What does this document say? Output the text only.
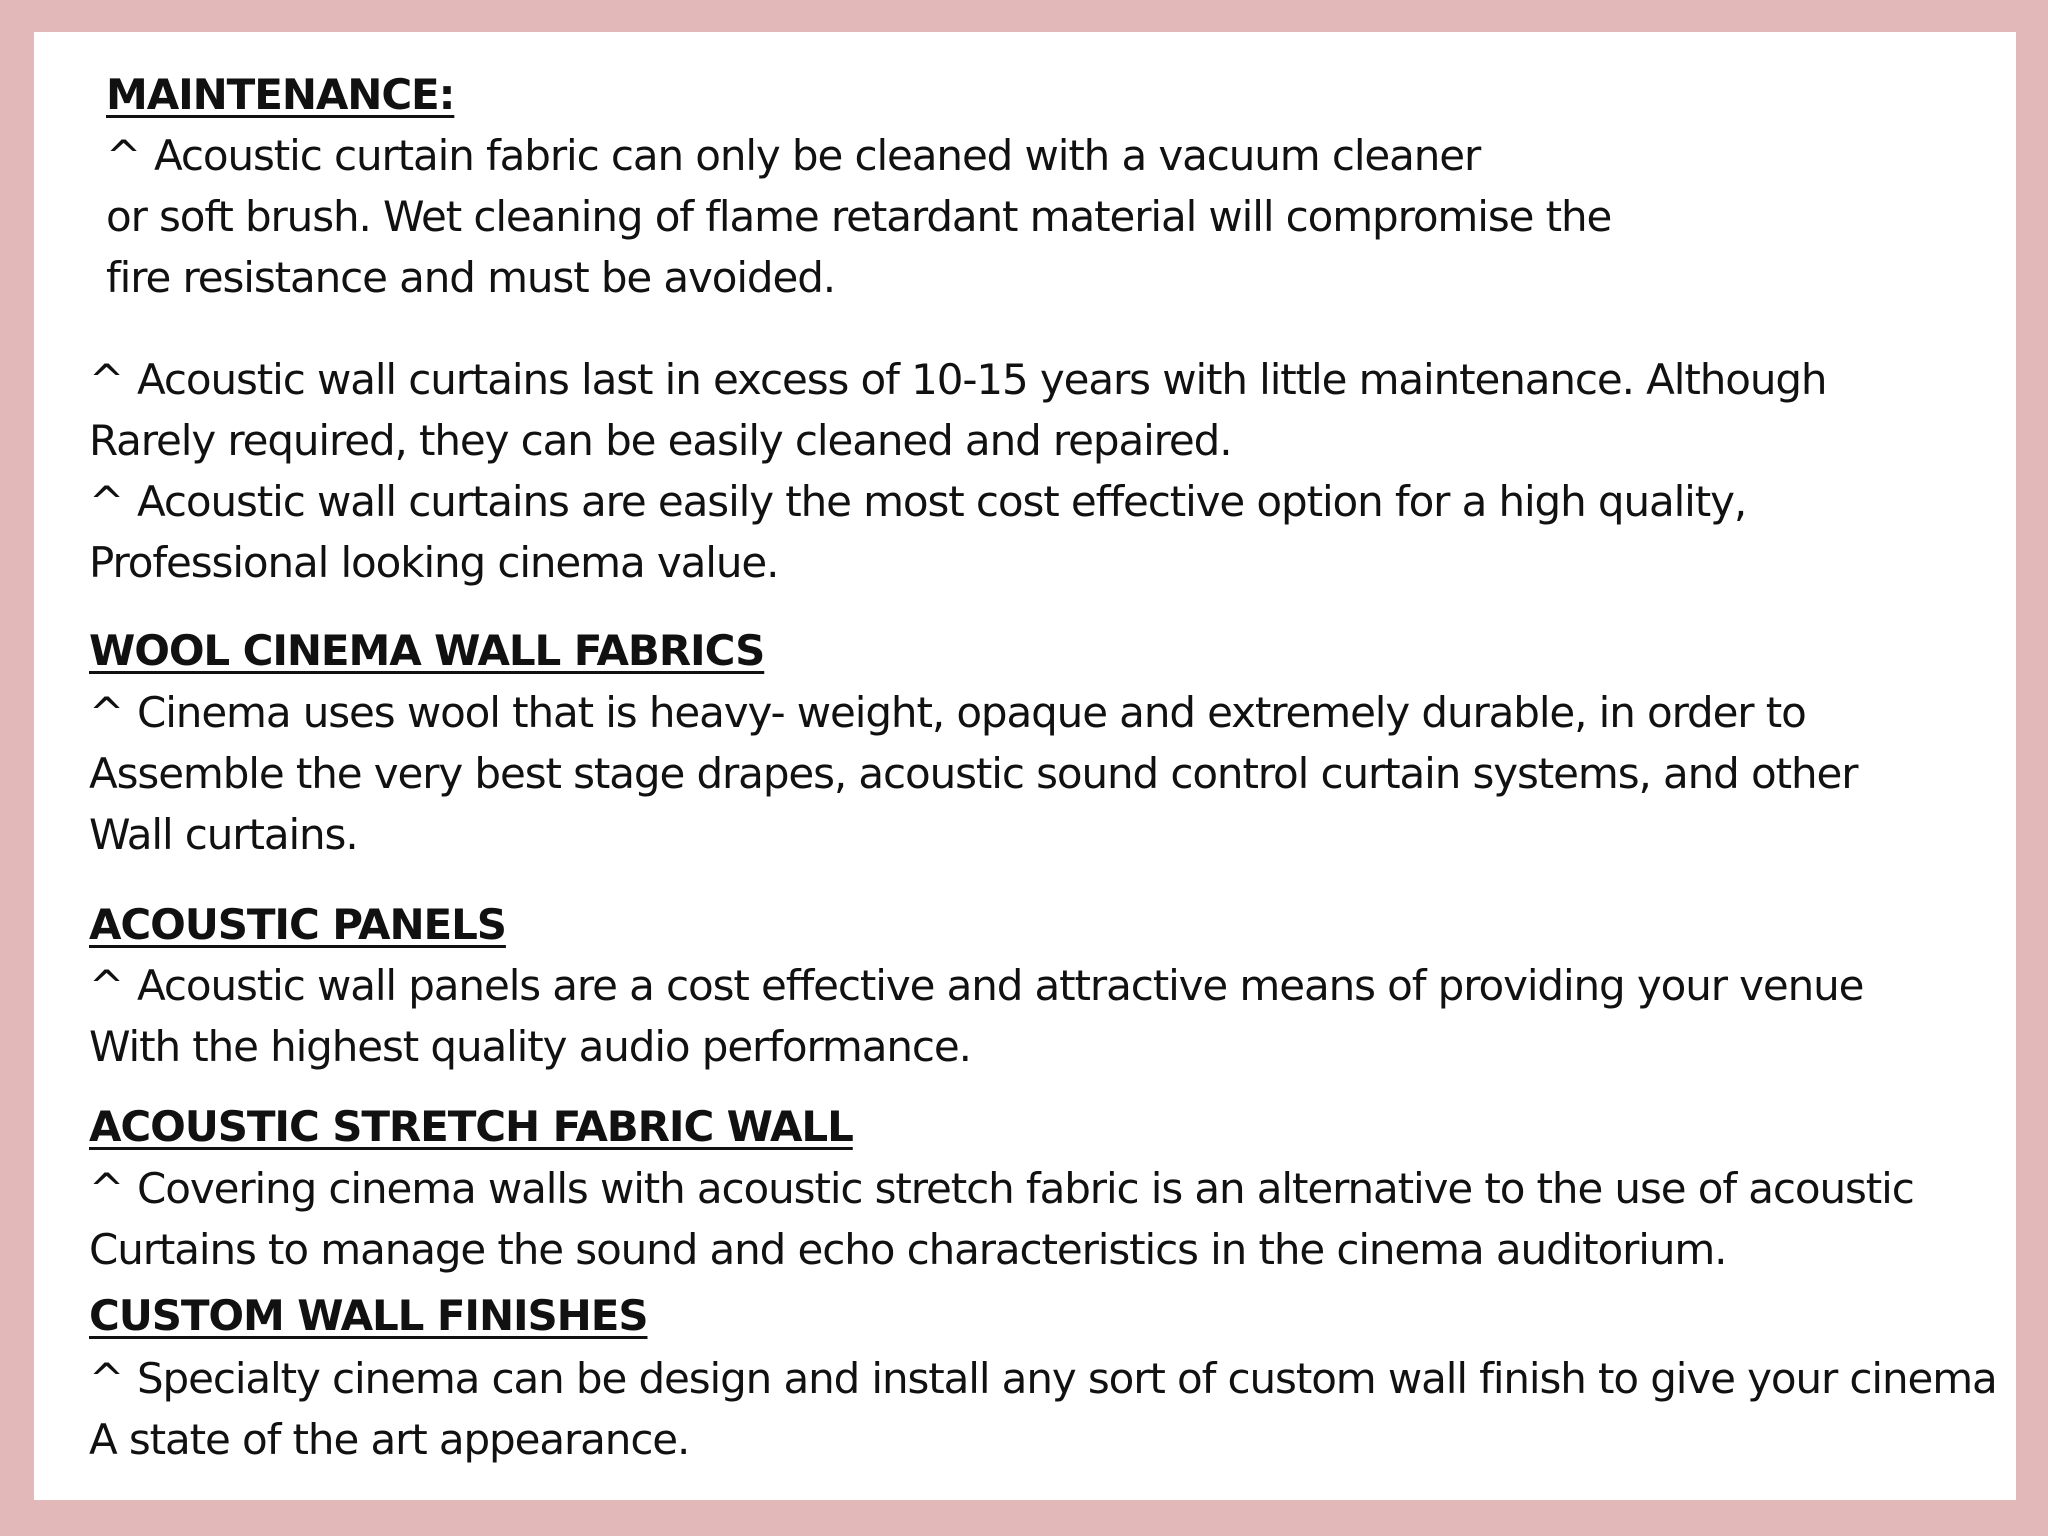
MAINTENANCE:
^ Acoustic curtain fabric can only be cleaned with a vacuum cleaner
or soft brush. Wet cleaning of flame retardant material will compromise the
fire resistance and must be avoided.
^ Acoustic wall curtains last in excess of 10-15 years with little maintenance. Although
Rarely required, they can be easily cleaned and repaired.
^ Acoustic wall curtains are easily the most cost effective option for a high quality,
Professional looking cinema value.
WOOL CINEMA WALL FABRICS
^ Cinema uses wool that is heavy- weight, opaque and extremely durable, in order to
Assemble the very best stage drapes, acoustic sound control curtain systems, and other
Wall curtains.
ACOUSTIC PANELS
^ Acoustic wall panels are a cost effective and attractive means of providing your venue
With the highest quality audio performance.
ACOUSTIC STRETCH FABRIC WALL
^ Covering cinema walls with acoustic stretch fabric is an alternative to the use of acoustic
Curtains to manage the sound and echo characteristics in the cinema auditorium.
CUSTOM WALL FINISHES
^ Specialty cinema can be design and install any sort of custom wall finish to give your cinema
A state of the art appearance.
